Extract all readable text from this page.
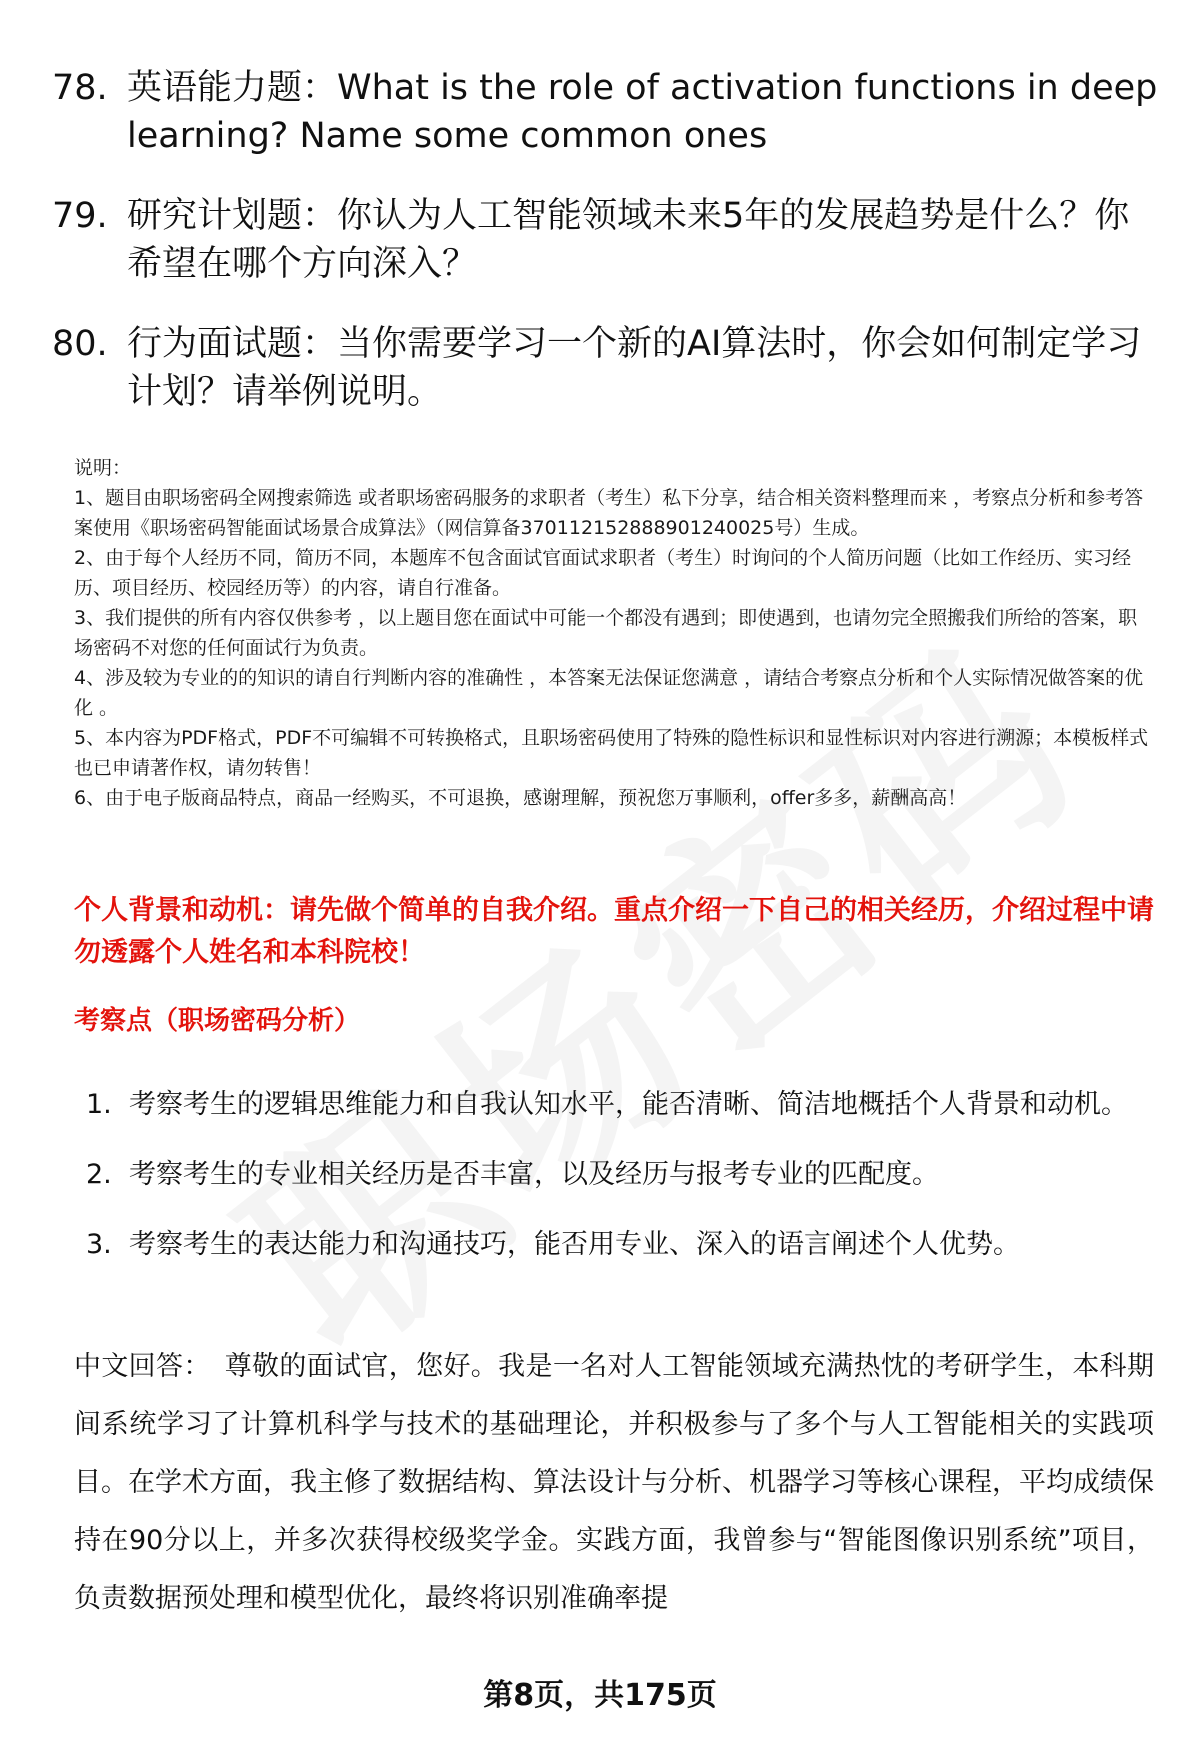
78. 英语能力题：What is the role of activation functions in deep learning? Name some common ones
79. 研究计划题：你认为人工智能领域未来5年的发展趋势是什么？你希望在哪个方向深入？
80. 行为面试题：当你需要学习一个新的AI算法时，你会如何制定学习计划？请举例说明。

说明：

1、题目由职场密码全网搜索筛选 或者职场密码服务的求职者（考生）私下分享，结合相关资料整理而来 ，考察点分析和参考答案使用《职场密码智能面试场景合成算法》（网信算备370112152888901240025号）生成。

2、由于每个人经历不同，简历不同，本题库不包含面试官面试求职者（考生）时询问的个人简历问题（比如工作经历、实习经历、项目经历、校园经历等）的内容，请自行准备。

3、我们提供的所有内容仅供参考 ，以上题目您在面试中可能一个都没有遇到；即使遇到，也请勿完全照搬我们所给的答案，职场密码不对您的任何面试行为负责。

4、涉及较为专业的的知识的请自行判断内容的准确性 ，本答案无法保证您满意 ，请结合考察点分析和个人实际情况做答案的优化 。

5、本内容为PDF格式，PDF不可编辑不可转换格式，且职场密码使用了特殊的隐性标识和显性标识对内容进行溯源；本模板样式也已申请著作权，请勿转售！

6、由于电子版商品特点，商品一经购买，不可退换，感谢理解，预祝您万事顺利，offer多多，薪酬高高！

个人背景和动机：请先做个简单的自我介绍。重点介绍一下自己的相关经历，介绍过程中请勿透露个人姓名和本科院校！
考察点（职场密码分析）
1. 考察考生的逻辑思维能力和自我认知水平，能否清晰、简洁地概括个人背景和动机。
2. 考察考生的专业相关经历是否丰富，以及经历与报考专业的匹配度。
3. 考察考生的表达能力和沟通技巧，能否用专业、深入的语言阐述个人优势。
中文回答： 尊敬的面试官，您好。我是一名对人工智能领域充满热忱的考研学生，本科期间系统学习了计算机科学与技术的基础理论，并积极参与了多个与人工智能相关的实践项目。在学术方面，我主修了数据结构、算法设计与分析、机器学习等核心课程，平均成绩保持在90分以上，并多次获得校级奖学金。实践方面，我曾参与“智能图像识别系统”项目，负责数据预处理和模型优化，最终将识别准确率提
第8页，共175页
